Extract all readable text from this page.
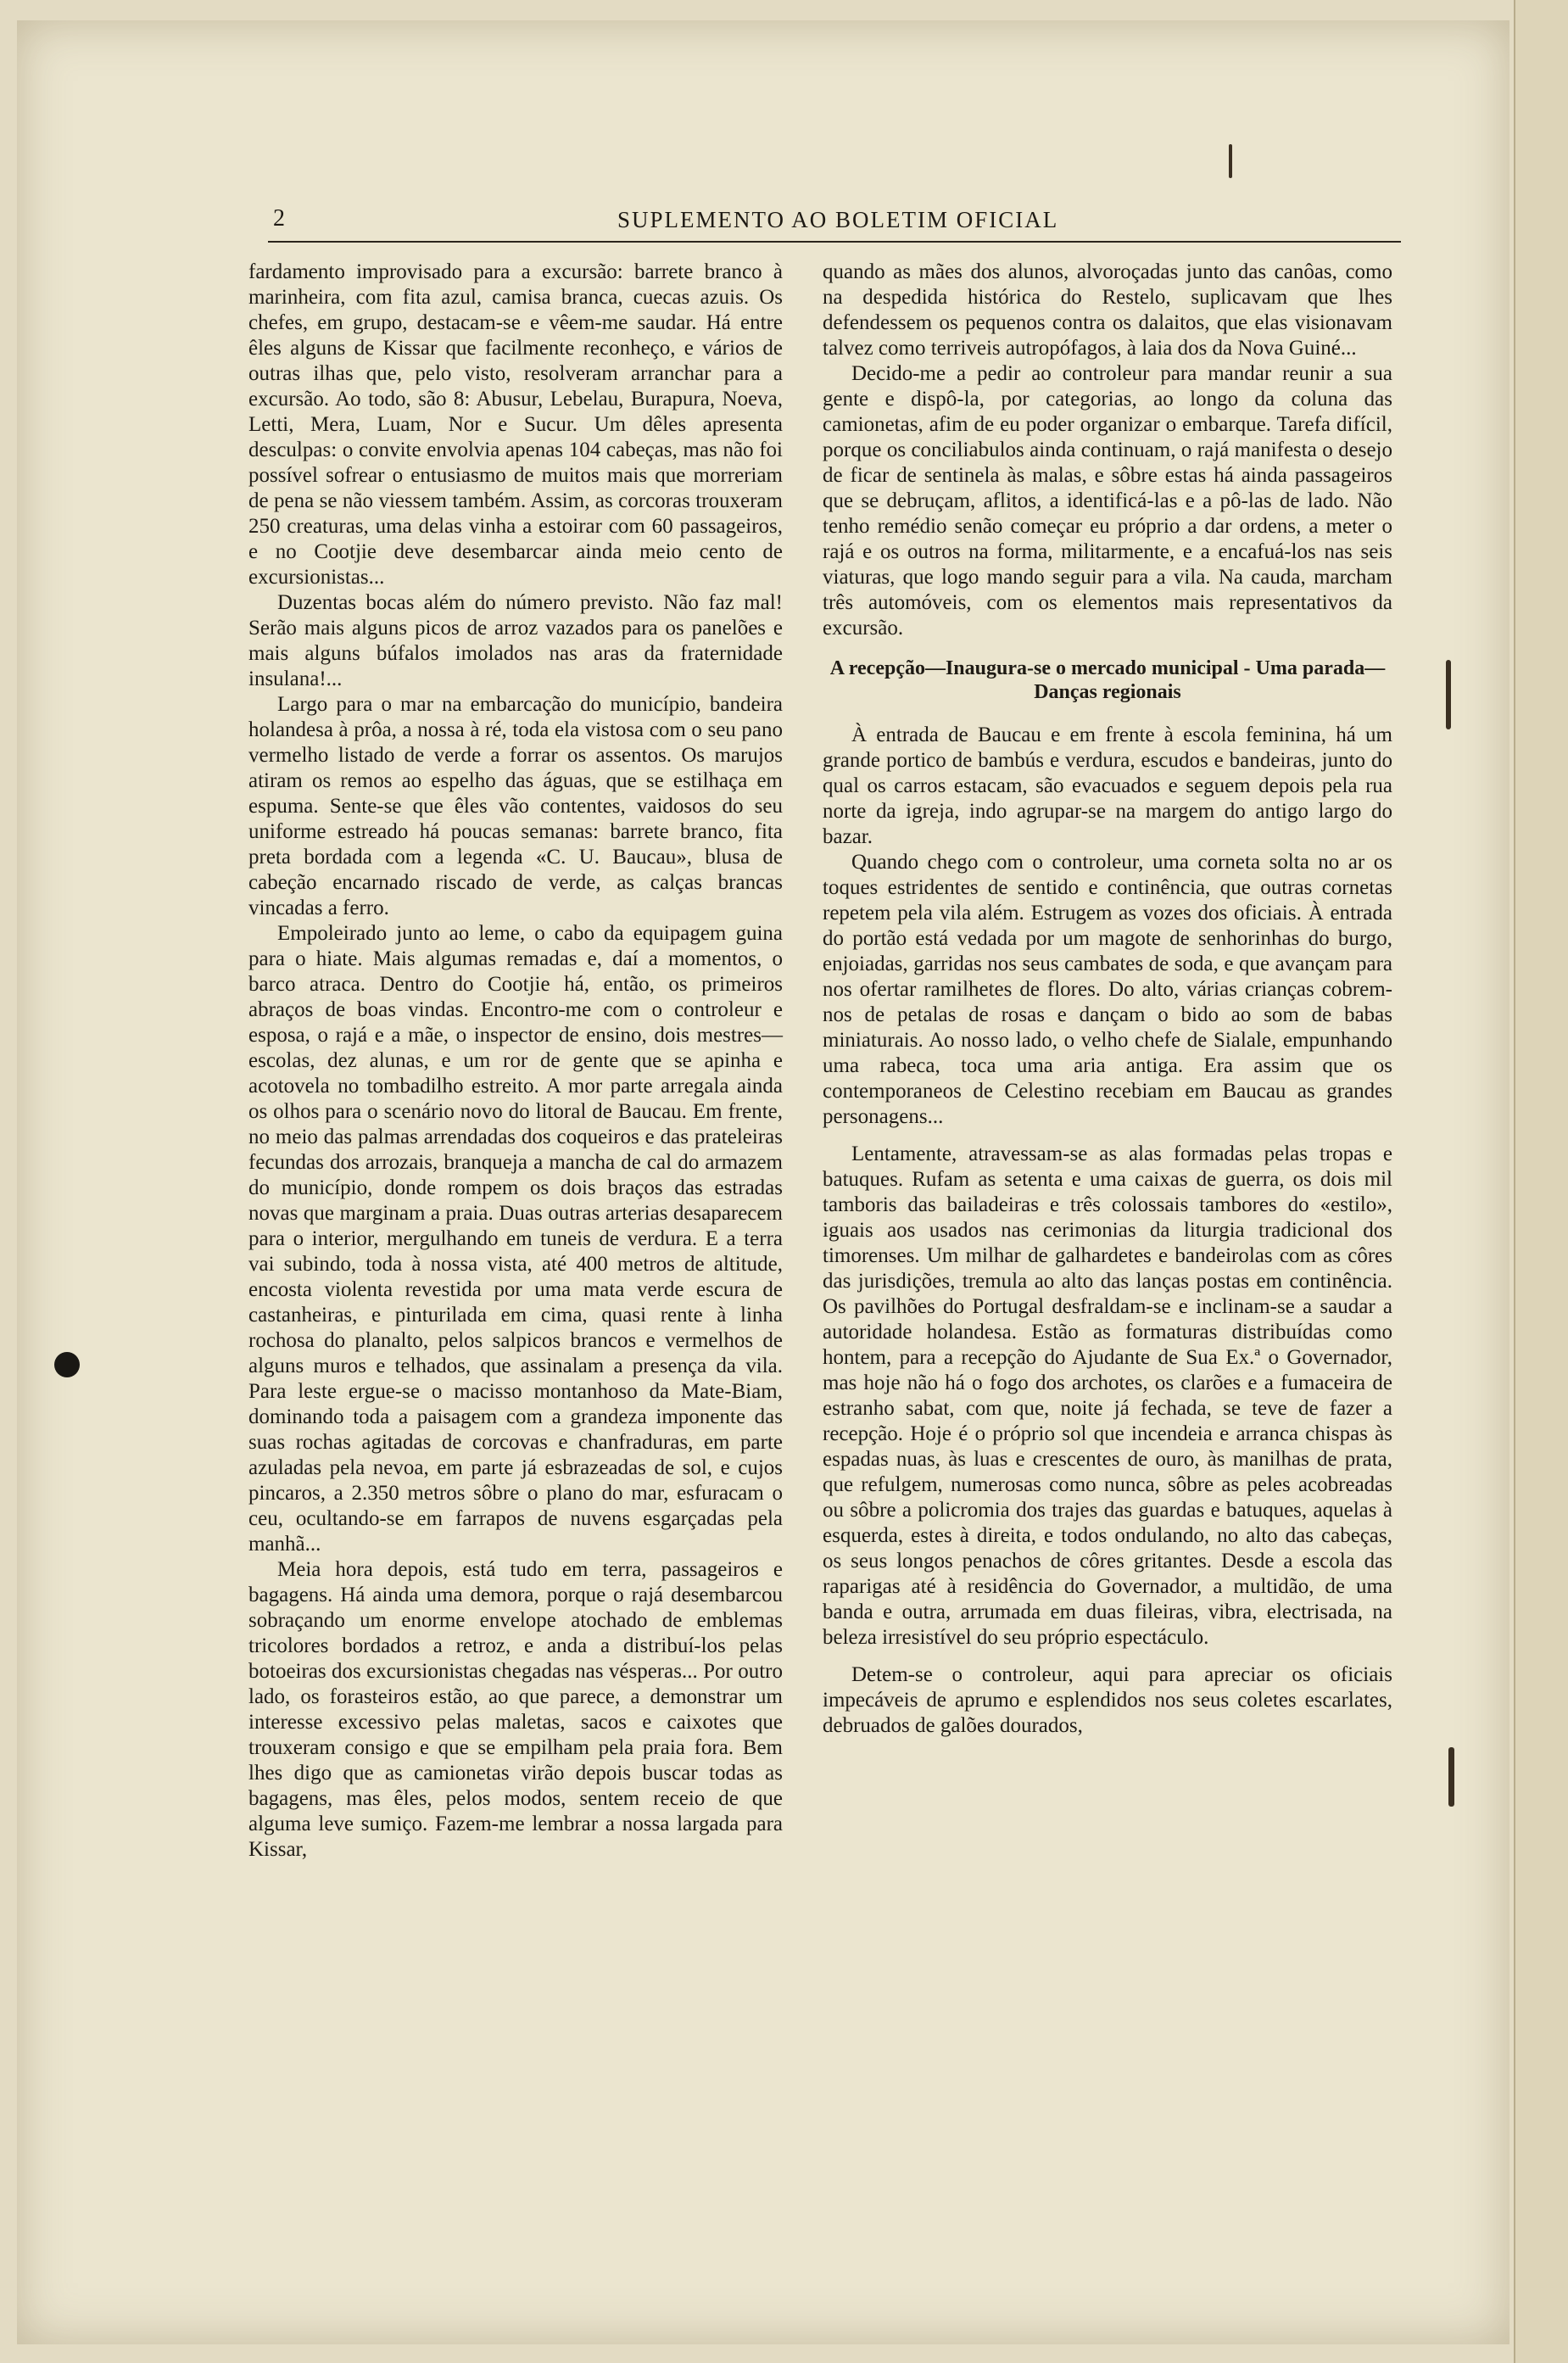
2	SUPLEMENTO AO BOLETIM OFICIAL

fardamento improvisado para a excursão: barrete branco à marinheira, com fita azul, camisa branca, cuecas azuis. Os chefes, em grupo, destacam-se e vêem-me saudar. Há entre êles alguns de Kissar que facilmente reconheço, e vários de outras ilhas que, pelo visto, resolveram arranchar para a excursão. Ao todo, são 8: Abusur, Lebelau, Burapura, Noeva, Letti, Mera, Luam, Nor e Sucur. Um dêles apresenta desculpas: o convite envolvia apenas 104 cabeças, mas não foi possível sofrear o entusiasmo de muitos mais que morreriam de pena se não viessem também. Assim, as corcoras trouxeram 250 creaturas, uma delas vinha a estoirar com 60 passageiros, e no Cootjie deve desembarcar ainda meio cento de excursionistas...

Duzentas bocas além do número previsto. Não faz mal! Serão mais alguns picos de arroz vazados para os panelões e mais alguns búfalos imolados nas aras da fraternidade insulana!...

Largo para o mar na embarcação do município, bandeira holandesa à prôa, a nossa à ré, toda ela vistosa com o seu pano vermelho listado de verde a forrar os assentos. Os marujos atiram os remos ao espelho das águas, que se estilhaça em espuma. Sente-se que êles vão contentes, vaidosos do seu uniforme estreado há poucas semanas: barrete branco, fita preta bordada com a legenda «C. U. Baucau», blusa de cabeção encarnado riscado de verde, as calças brancas vincadas a ferro.

Empoleirado junto ao leme, o cabo da equipagem guina para o hiate. Mais algumas remadas e, daí a momentos, o barco atraca. Dentro do Cootjie há, então, os primeiros abraços de boas vindas. Encontro-me com o controleur e esposa, o rajá e a mãe, o inspector de ensino, dois mestres—escolas, dez alunas, e um ror de gente que se apinha e acotovela no tombadilho estreito. A mor parte arregala ainda os olhos para o scenário novo do litoral de Baucau. Em frente, no meio das palmas arrendadas dos coqueiros e das prateleiras fecundas dos arrozais, branqueja a mancha de cal do armazem do município, donde rompem os dois braços das estradas novas que marginam a praia. Duas outras arterias desaparecem para o interior, mergulhando em tuneis de verdura. E a terra vai subindo, toda à nossa vista, até 400 metros de altitude, encosta violenta revestida por uma mata verde escura de castanheiras, e pinturilada em cima, quasi rente à linha rochosa do planalto, pelos salpicos brancos e vermelhos de alguns muros e telhados, que assinalam a presença da vila. Para leste ergue-se o macisso montanhoso da Mate-Biam, dominando toda a paisagem com a grandeza imponente das suas rochas agitadas de corcovas e chanfraduras, em parte azuladas pela nevoa, em parte já esbrazeadas de sol, e cujos pincaros, a 2.350 metros sôbre o plano do mar, esfuracam o ceu, ocultando-se em farrapos de nuvens esgarçadas pela manhã...

Meia hora depois, está tudo em terra, passageiros e bagagens. Há ainda uma demora, porque o rajá desembarcou sobraçando um enorme envelope atochado de emblemas tricolores bordados a retroz, e anda a distribuí-los pelas botoeiras dos excursionistas chegadas nas vésperas... Por outro lado, os forasteiros estão, ao que parece, a demonstrar um interesse excessivo pelas maletas, sacos e caixotes que trouxeram consigo e que se empilham pela praia fora. Bem lhes digo que as camionetas virão depois buscar todas as bagagens, mas êles, pelos modos, sentem receio de que alguma leve sumiço. Fazem-me lembrar a nossa largada para Kissar,

quando as mães dos alunos, alvoroçadas junto das canôas, como na despedida histórica do Restelo, suplicavam que lhes defendessem os pequenos contra os dalaitos, que elas visionavam talvez como terriveis autropófagos, à laia dos da Nova Guiné...

Decido-me a pedir ao controleur para mandar reunir a sua gente e dispô-la, por categorias, ao longo da coluna das camionetas, afim de eu poder organizar o embarque. Tarefa difícil, porque os conciliabulos ainda continuam, o rajá manifesta o desejo de ficar de sentinela às malas, e sôbre estas há ainda passageiros que se debruçam, aflitos, a identificá-las e a pô-las de lado. Não tenho remédio senão começar eu próprio a dar ordens, a meter o rajá e os outros na forma, militarmente, e a encafuá-los nas seis viaturas, que logo mando seguir para a vila. Na cauda, marcham três automóveis, com os elementos mais representativos da excursão.

A recepção—Inaugura-se o mercado municipal - Uma parada—Danças regionais

À entrada de Baucau e em frente à escola feminina, há um grande portico de bambús e verdura, escudos e bandeiras, junto do qual os carros estacam, são evacuados e seguem depois pela rua norte da igreja, indo agrupar-se na margem do antigo largo do bazar.

Quando chego com o controleur, uma corneta solta no ar os toques estridentes de sentido e continência, que outras cornetas repetem pela vila além. Estrugem as vozes dos oficiais. À entrada do portão está vedada por um magote de senhorinhas do burgo, enjoiadas, garridas nos seus cambates de soda, e que avançam para nos ofertar ramilhetes de flores. Do alto, várias crianças cobrem-nos de petalas de rosas e dançam o bido ao som de babas miniaturais. Ao nosso lado, o velho chefe de Sialale, empunhando uma rabeca, toca uma aria antiga. Era assim que os contemporaneos de Celestino recebiam em Baucau as grandes personagens...

Lentamente, atravessam-se as alas formadas pelas tropas e batuques. Rufam as setenta e uma caixas de guerra, os dois mil tamboris das bailadeiras e três colossais tambores do «estilo», iguais aos usados nas cerimonias da liturgia tradicional dos timorenses. Um milhar de galhardetes e bandeirolas com as côres das jurisdições, tremula ao alto das lanças postas em continência. Os pavilhões do Portugal desfraldam-se e inclinam-se a saudar a autoridade holandesa. Estão as formaturas distribuídas como hontem, para a recepção do Ajudante de Sua Ex.ª o Governador, mas hoje não há o fogo dos archotes, os clarões e a fumaceira de estranho sabat, com que, noite já fechada, se teve de fazer a recepção. Hoje é o próprio sol que incendeia e arranca chispas às espadas nuas, às luas e crescentes de ouro, às manilhas de prata, que refulgem, numerosas como nunca, sôbre as peles acobreadas ou sôbre a policromia dos trajes das guardas e batuques, aquelas à esquerda, estes à direita, e todos ondulando, no alto das cabeças, os seus longos penachos de côres gritantes. Desde a escola das raparigas até à residência do Governador, a multidão, de uma banda e outra, arrumada em duas fileiras, vibra, electrisada, na beleza irresistível do seu próprio espectáculo.

Detem-se o controleur, aqui para apreciar os oficiais impecáveis de aprumo e esplendidos nos seus coletes escarlates, debruados de galões dourados,
